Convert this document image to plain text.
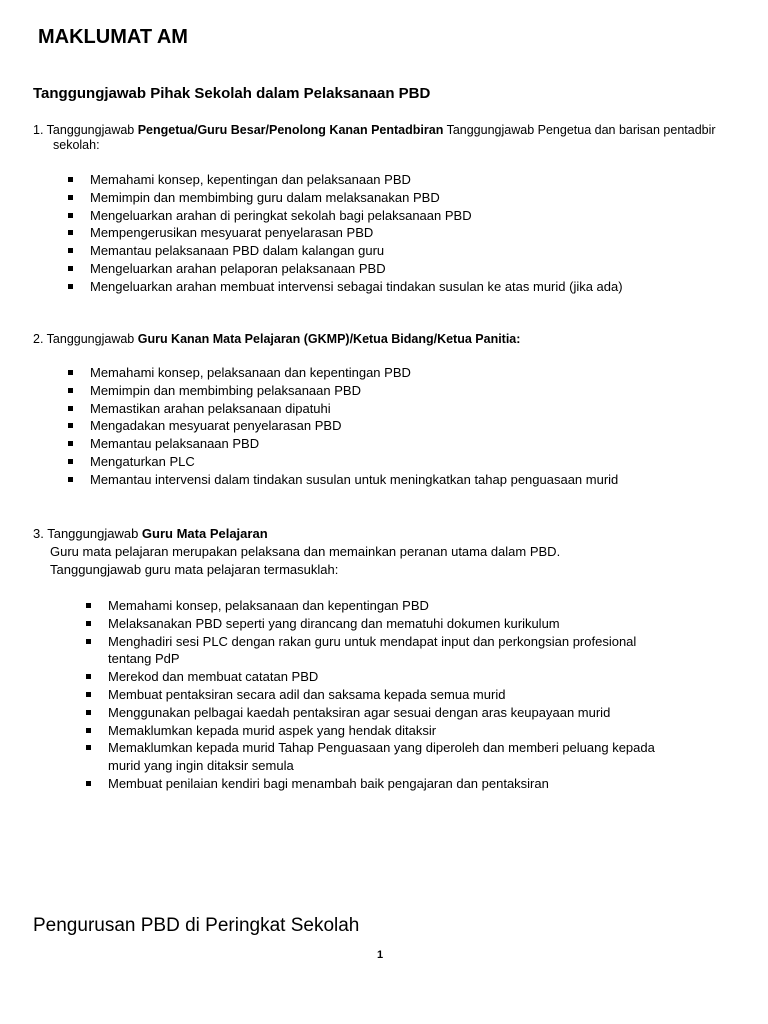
MAKLUMAT AM
Tanggungjawab Pihak Sekolah dalam Pelaksanaan PBD
1. Tanggungjawab Pengetua/Guru Besar/Penolong Kanan Pentadbiran Tanggungjawab Pengetua dan barisan pentadbir
sekolah:
Memahami konsep, kepentingan dan pelaksanaan PBD
Memimpin dan membimbing guru dalam melaksanakan PBD
Mengeluarkan arahan di peringkat sekolah bagi pelaksanaan PBD
Mempengerusikan mesyuarat penyelarasan PBD
Memantau pelaksanaan PBD dalam kalangan guru
Mengeluarkan arahan pelaporan pelaksanaan PBD
Mengeluarkan arahan membuat intervensi sebagai tindakan susulan ke atas murid (jika ada)
2. Tanggungjawab Guru Kanan Mata Pelajaran (GKMP)/Ketua Bidang/Ketua Panitia:
Memahami konsep, pelaksanaan dan kepentingan PBD
Memimpin dan membimbing pelaksanaan PBD
Memastikan arahan pelaksanaan dipatuhi
Mengadakan mesyuarat penyelarasan PBD
Memantau pelaksanaan PBD
Mengaturkan PLC
Memantau intervensi dalam tindakan susulan untuk meningkatkan tahap penguasaan murid
3. Tanggungjawab Guru Mata Pelajaran
Guru mata pelajaran merupakan pelaksana dan memainkan peranan utama dalam PBD.
Tanggungjawab guru mata pelajaran termasuklah:
Memahami konsep, pelaksanaan dan kepentingan PBD
Melaksanakan PBD seperti yang dirancang dan mematuhi dokumen kurikulum
Menghadiri sesi PLC dengan rakan guru untuk mendapat input dan perkongsian profesional tentang PdP
Merekod dan membuat catatan PBD
Membuat pentaksiran secara adil dan saksama kepada semua murid
Menggunakan pelbagai kaedah pentaksiran agar sesuai dengan aras keupayaan murid
Memaklumkan kepada murid aspek yang hendak ditaksir
Memaklumkan kepada murid Tahap Penguasaan yang diperoleh dan memberi peluang kepada murid yang ingin ditaksir semula
Membuat penilaian kendiri bagi menambah baik pengajaran dan pentaksiran
Pengurusan PBD di Peringkat Sekolah
1
